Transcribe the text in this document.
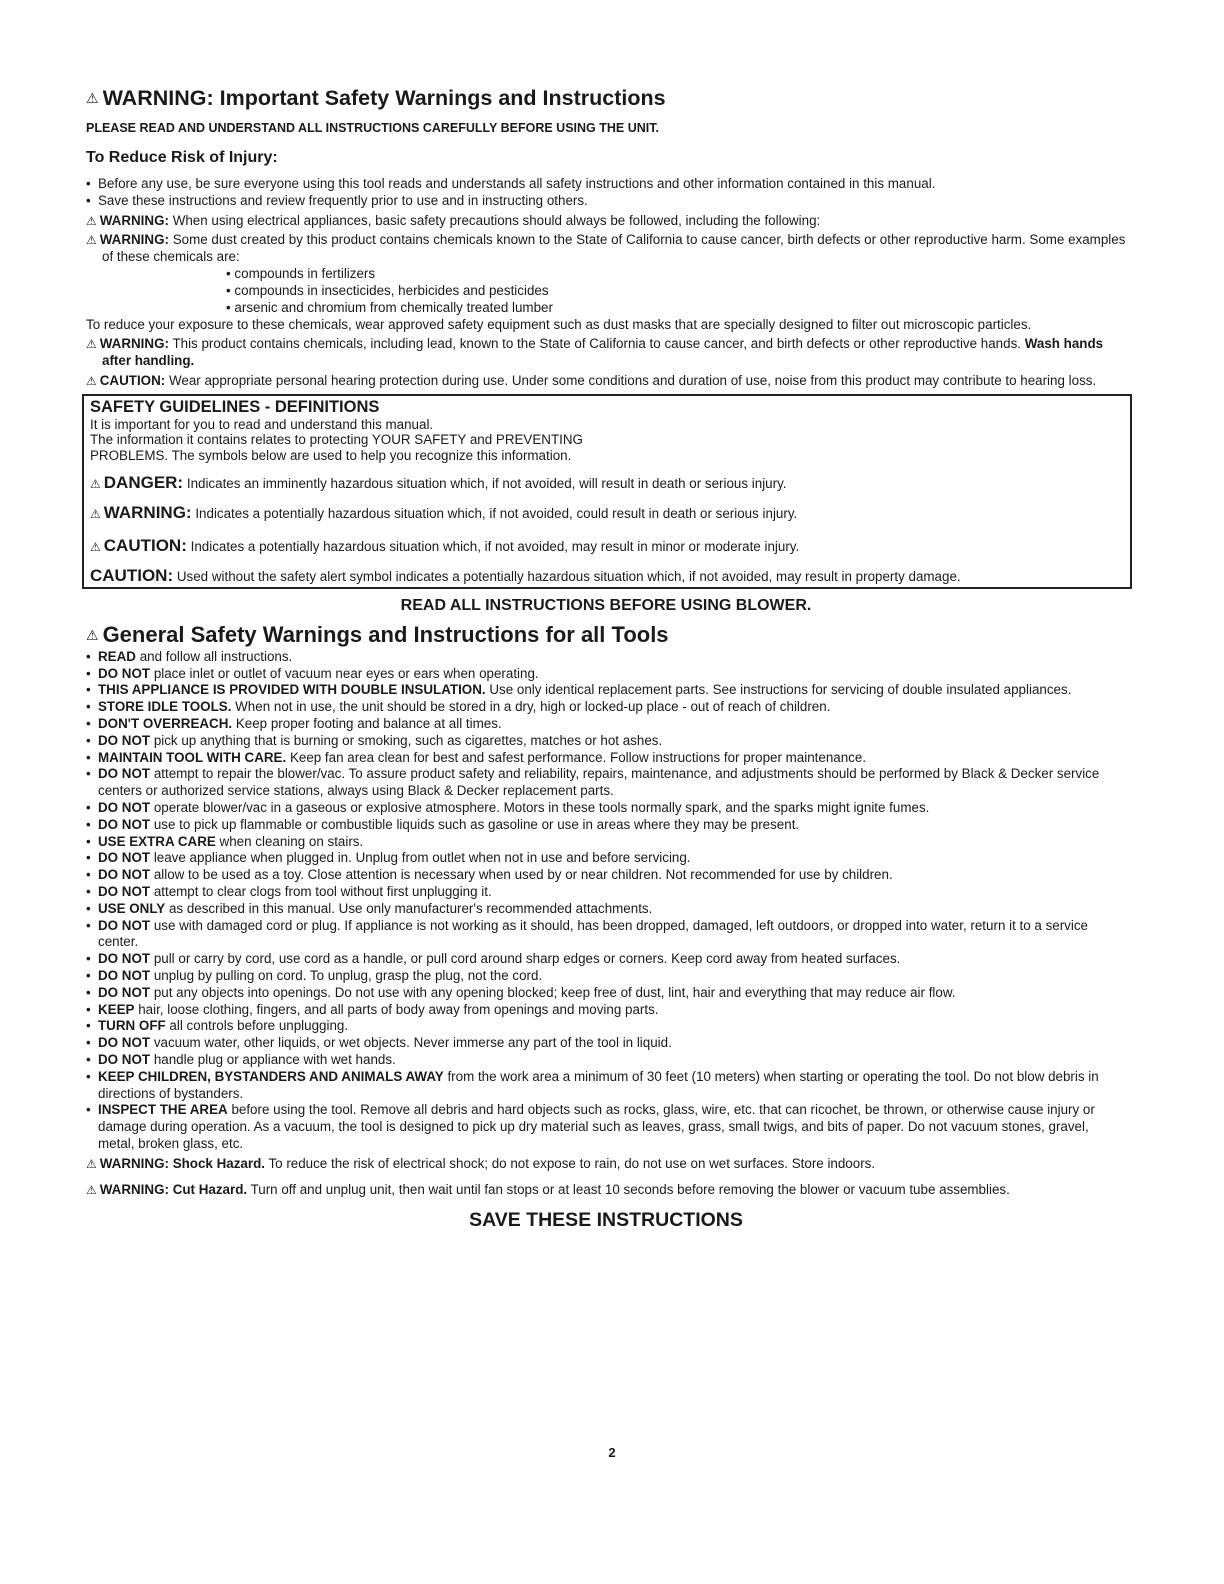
⚠ WARNING: Important Safety Warnings and Instructions
PLEASE READ AND UNDERSTAND ALL INSTRUCTIONS CAREFULLY BEFORE USING THE UNIT.
To Reduce Risk of Injury:

• Before any use, be sure everyone using this tool reads and understands all safety instructions and other information contained in this manual.

• Save these instructions and review frequently prior to use and in instructing others.

⚠ WARNING: When using electrical appliances, basic safety precautions should always be followed, including the following:

⚠ WARNING: Some dust created by this product contains chemicals known to the State of California to cause cancer, birth defects or other reproductive harm. Some examples of these chemicals are:

• compounds in fertilizers

• compounds in insecticides, herbicides and pesticides

• arsenic and chromium from chemically treated lumber

To reduce your exposure to these chemicals, wear approved safety equipment such as dust masks that are specially designed to filter out microscopic particles.

⚠ WARNING: This product contains chemicals, including lead, known to the State of California to cause cancer, and birth defects or other reproductive hands. Wash hands after handling.

⚠ CAUTION: Wear appropriate personal hearing protection during use. Under some conditions and duration of use, noise from this product may contribute to hearing loss.

SAFETY GUIDELINES - DEFINITIONS

It is important for you to read and understand this manual.

The information it contains relates to protecting YOUR SAFETY and PREVENTING

PROBLEMS. The symbols below are used to help you recognize this information.

⚠ DANGER: Indicates an imminently hazardous situation which, if not avoided, will result in death or serious injury.
⚠ WARNING: Indicates a potentially hazardous situation which, if not avoided, could result in death or serious injury.
⚠ CAUTION: Indicates a potentially hazardous situation which, if not avoided, may result in minor or moderate injury.
CAUTION: Used without the safety alert symbol indicates a potentially hazardous situation which, if not avoided, may result in property damage.
READ ALL INSTRUCTIONS BEFORE USING BLOWER.
⚠ General Safety Warnings and Instructions for all Tools

• READ and follow all instructions.

• DO NOT place inlet or outlet of vacuum near eyes or ears when operating.

• THIS APPLIANCE IS PROVIDED WITH DOUBLE INSULATION. Use only identical replacement parts. See instructions for servicing of double insulated appliances.

• STORE IDLE TOOLS. When not in use, the unit should be stored in a dry, high or locked-up place - out of reach of children.

• DON'T OVERREACH. Keep proper footing and balance at all times.

• DO NOT pick up anything that is burning or smoking, such as cigarettes, matches or hot ashes.

• MAINTAIN TOOL WITH CARE. Keep fan area clean for best and safest performance. Follow instructions for proper maintenance.

• DO NOT attempt to repair the blower/vac. To assure product safety and reliability, repairs, maintenance, and adjustments should be performed by Black & Decker service centers or authorized service stations, always using Black & Decker replacement parts.

• DO NOT operate blower/vac in a gaseous or explosive atmosphere. Motors in these tools normally spark, and the sparks might ignite fumes.

• DO NOT use to pick up flammable or combustible liquids such as gasoline or use in areas where they may be present.

• USE EXTRA CARE when cleaning on stairs.

• DO NOT leave appliance when plugged in. Unplug from outlet when not in use and before servicing.

• DO NOT allow to be used as a toy. Close attention is necessary when used by or near children. Not recommended for use by children.

• DO NOT attempt to clear clogs from tool without first unplugging it.

• USE ONLY as described in this manual. Use only manufacturer's recommended attachments.

• DO NOT use with damaged cord or plug. If appliance is not working as it should, has been dropped, damaged, left outdoors, or dropped into water, return it to a service center.

• DO NOT pull or carry by cord, use cord as a handle, or pull cord around sharp edges or corners. Keep cord away from heated surfaces.

• DO NOT unplug by pulling on cord. To unplug, grasp the plug, not the cord.

• DO NOT put any objects into openings. Do not use with any opening blocked; keep free of dust, lint, hair and everything that may reduce air flow.

• KEEP hair, loose clothing, fingers, and all parts of body away from openings and moving parts.

• TURN OFF all controls before unplugging.

• DO NOT vacuum water, other liquids, or wet objects. Never immerse any part of the tool in liquid.

• DO NOT handle plug or appliance with wet hands.

• KEEP CHILDREN, BYSTANDERS AND ANIMALS AWAY from the work area a minimum of 30 feet (10 meters) when starting or operating the tool. Do not blow debris in directions of bystanders.

• INSPECT THE AREA before using the tool. Remove all debris and hard objects such as rocks, glass, wire, etc. that can ricochet, be thrown, or otherwise cause injury or damage during operation. As a vacuum, the tool is designed to pick up dry material such as leaves, grass, small twigs, and bits of paper. Do not vacuum stones, gravel, metal, broken glass, etc.

⚠ WARNING: Shock Hazard. To reduce the risk of electrical shock; do not expose to rain, do not use on wet surfaces. Store indoors.

⚠ WARNING: Cut Hazard. Turn off and unplug unit, then wait until fan stops or at least 10 seconds before removing the blower or vacuum tube assemblies.

SAVE THESE INSTRUCTIONS
2
